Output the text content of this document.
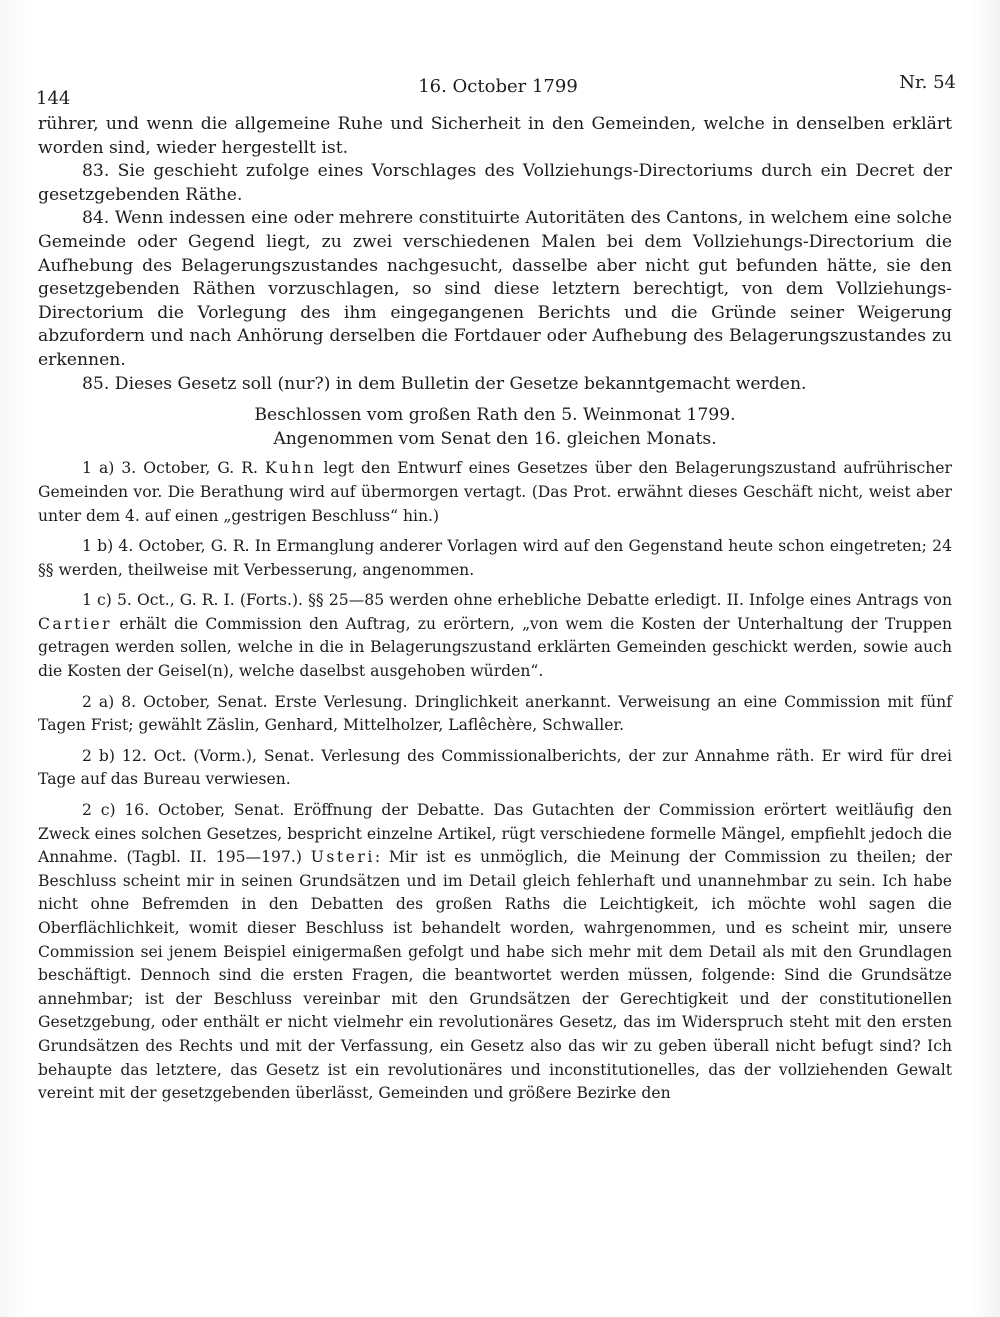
144
16. October 1799	Nr. 54

rührer, und wenn die allgemeine Ruhe und Sicherheit in den Gemeinden, welche in denselben erklärt worden sind, wieder hergestellt ist.

83. Sie geschieht zufolge eines Vorschlages des Vollziehungs-Directoriums durch ein Decret der gesetzgebenden Räthe.

84. Wenn indessen eine oder mehrere constituirte Autoritäten des Cantons, in welchem eine solche Gemeinde oder Gegend liegt, zu zwei verschiedenen Malen bei dem Vollziehungs-Directorium die Aufhebung des Belagerungszustandes nachgesucht, dasselbe aber nicht gut befunden hätte, sie den gesetzgebenden Räthen vorzuschlagen, so sind diese letztern berechtigt, von dem Vollziehungs-Directorium die Vorlegung des ihm eingegangenen Berichts und die Gründe seiner Weigerung abzufordern und nach Anhörung derselben die Fortdauer oder Aufhebung des Belagerungszustandes zu erkennen.

85. Dieses Gesetz soll (nur?) in dem Bulletin der Gesetze bekanntgemacht werden.

Beschlossen vom großen Rath den 5. Weinmonat 1799.

Angenommen vom Senat den 16. gleichen Monats.

1 a) 3. October, G. R. Kuhn legt den Entwurf eines Gesetzes über den Belagerungszustand aufrührischer Gemeinden vor. Die Berathung wird auf übermorgen vertagt. (Das Prot. erwähnt dieses Geschäft nicht, weist aber unter dem 4. auf einen „gestrigen Beschluss“ hin.)

1 b) 4. October, G. R. In Ermanglung anderer Vorlagen wird auf den Gegenstand heute schon eingetreten; 24 §§ werden, theilweise mit Verbesserung, angenommen.

1 c) 5. Oct., G. R. I. (Forts.). §§ 25—85 werden ohne erhebliche Debatte erledigt. II. Infolge eines Antrags von Cartier erhält die Commission den Auftrag, zu erörtern, „von wem die Kosten der Unterhaltung der Truppen getragen werden sollen, welche in die in Belagerungszustand erklärten Gemeinden geschickt werden, sowie auch die Kosten der Geisel(n), welche daselbst ausgehoben würden“.

2 a) 8. October, Senat. Erste Verlesung. Dringlichkeit anerkannt. Verweisung an eine Commission mit fünf Tagen Frist; gewählt Zäslin, Genhard, Mittelholzer, Laflêchère, Schwaller.

2 b) 12. Oct. (Vorm.), Senat. Verlesung des Commissionalberichts, der zur Annahme räth. Er wird für drei Tage auf das Bureau verwiesen.

2 c) 16. October, Senat. Eröffnung der Debatte. Das Gutachten der Commission erörtert weitläufig den Zweck eines solchen Gesetzes, bespricht einzelne Artikel, rügt verschiedene formelle Mängel, empfiehlt jedoch die Annahme. (Tagbl. II. 195—197.) Usteri: Mir ist es unmöglich, die Meinung der Commission zu theilen; der Beschluss scheint mir in seinen Grundsätzen und im Detail gleich fehlerhaft und unannehmbar zu sein. Ich habe nicht ohne Befremden in den Debatten des großen Raths die Leichtigkeit, ich möchte wohl sagen die Oberflächlichkeit, womit dieser Beschluss ist behandelt worden, wahrgenommen, und es scheint mir, unsere Commission sei jenem Beispiel einigermaßen gefolgt und habe sich mehr mit dem Detail als mit den Grundlagen beschäftigt. Dennoch sind die ersten Fragen, die beantwortet werden müssen, folgende: Sind die Grundsätze annehmbar; ist der Beschluss vereinbar mit den Grundsätzen der Gerechtigkeit und der constitutionellen Gesetzgebung, oder enthält er nicht vielmehr ein revolutionäres Gesetz, das im Widerspruch steht mit den ersten Grundsätzen des Rechts und mit der Verfassung, ein Gesetz also das wir zu geben überall nicht befugt sind? Ich behaupte das letztere, das Gesetz ist ein revolutionäres und inconstitutionelles, das der vollziehenden Gewalt vereint mit der gesetzgebenden überlässt, Gemeinden und größere Bezirke den
